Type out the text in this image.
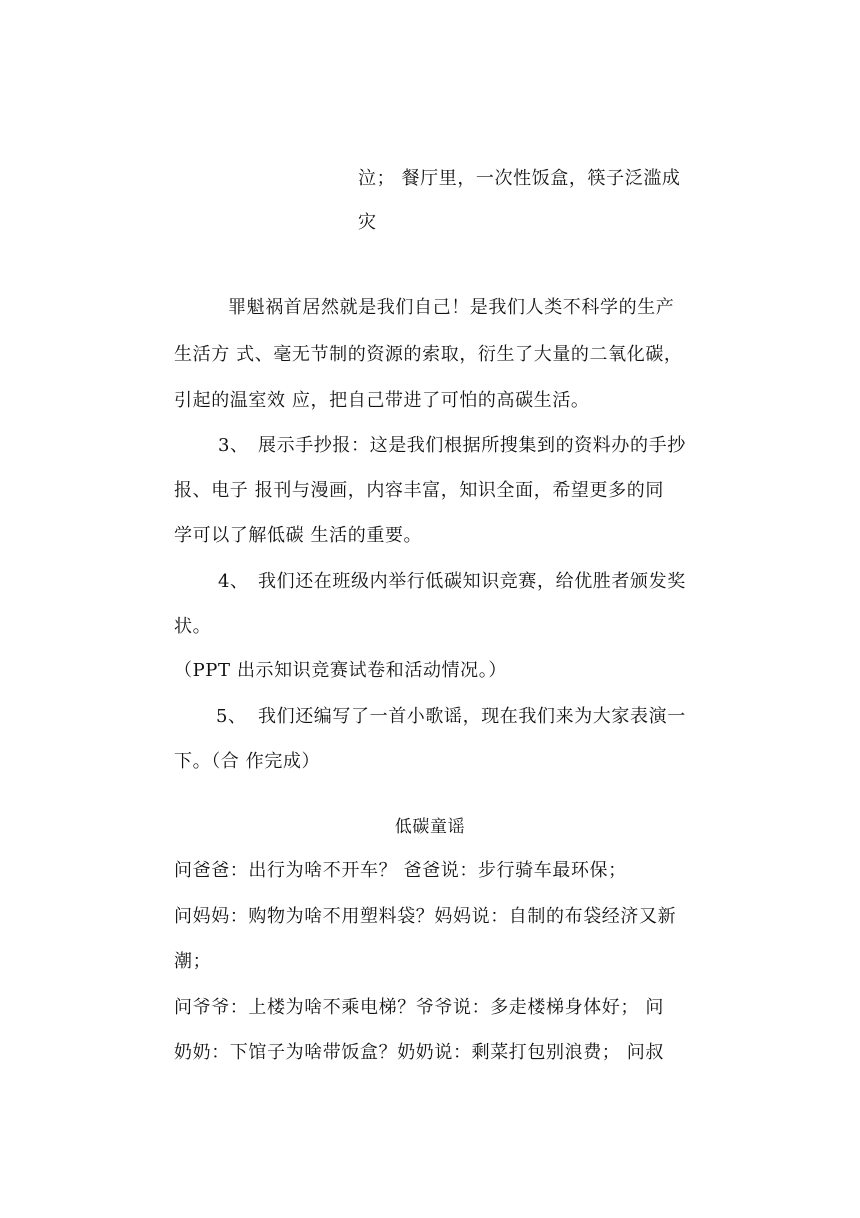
泣； 餐厅里，一次性饭盒，筷子泛滥成
灾
罪魁祸首居然就是我们自己！是我们人类不科学的生产
生活方 式、毫无节制的资源的索取，衍生了大量的二氧化碳，
引起的温室效 应，把自己带进了可怕的高碳生活。
3、 展示手抄报：这是我们根据所搜集到的资料办的手抄
报、电子 报刊与漫画，内容丰富，知识全面，希望更多的同
学可以了解低碳 生活的重要。
4、 我们还在班级内举行低碳知识竞赛，给优胜者颁发奖
状。
（PPT 出示知识竞赛试卷和活动情况。）
5、 我们还编写了一首小歌谣，现在我们来为大家表演一
下。（合 作完成）
低碳童谣
问爸爸：出行为啥不开车？ 爸爸说：步行骑车最环保；
问妈妈：购物为啥不用塑料袋？妈妈说：自制的布袋经济又新
潮；
问爷爷：上楼为啥不乘电梯？爷爷说：多走楼梯身体好； 问
奶奶：下馆子为啥带饭盒？奶奶说：剩菜打包别浪费； 问叔
